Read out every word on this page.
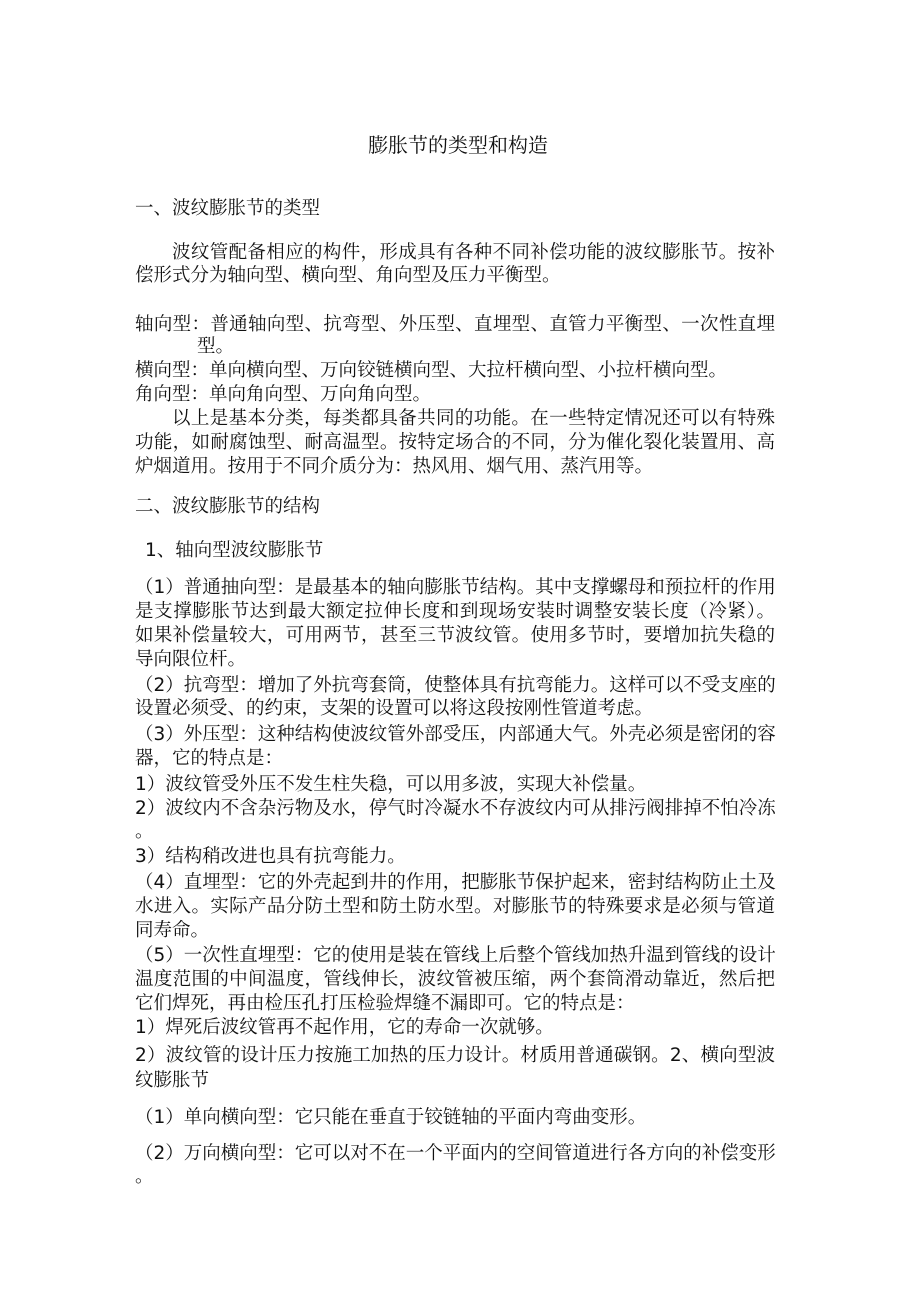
膨胀节的类型和构造
一、波纹膨胀节的类型
波纹管配备相应的构件，形成具有各种不同补偿功能的波纹膨胀节。按补
偿形式分为轴向型、横向型、角向型及压力平衡型。
轴向型：普通轴向型、抗弯型、外压型、直埋型、直管力平衡型、一次性直埋
型。
横向型：单向横向型、万向铰链横向型、大拉杆横向型、小拉杆横向型。
角向型：单向角向型、万向角向型。
以上是基本分类，每类都具备共同的功能。在一些特定情况还可以有特殊
功能，如耐腐蚀型、耐高温型。按特定场合的不同，分为催化裂化装置用、高
炉烟道用。按用于不同介质分为：热风用、烟气用、蒸汽用等。
二、波纹膨胀节的结构
1、轴向型波纹膨胀节
（1）普通抽向型：是最基本的轴向膨胀节结构。其中支撑螺母和预拉杆的作用
是支撑膨胀节达到最大额定拉伸长度和到现场安装时调整安装长度（冷紧）。
如果补偿量较大，可用两节，甚至三节波纹管。使用多节时，要增加抗失稳的
导向限位杆。
（2）抗弯型：增加了外抗弯套筒，使整体具有抗弯能力。这样可以不受支座的
设置必须受、的约束，支架的设置可以将这段按刚性管道考虑。
（3）外压型：这种结构使波纹管外部受压，内部通大气。外壳必须是密闭的容
器，它的特点是：
1）波纹管受外压不发生柱失稳，可以用多波，实现大补偿量。
2）波纹内不含杂污物及水，停气时冷凝水不存波纹内可从排污阀排掉不怕冷冻
。
3）结构稍改进也具有抗弯能力。
（4）直埋型：它的外壳起到井的作用，把膨胀节保护起来，密封结构防止土及
水进入。实际产品分防土型和防土防水型。对膨胀节的特殊要求是必须与管道
同寿命。
（5）一次性直埋型：它的使用是装在管线上后整个管线加热升温到管线的设计
温度范围的中间温度，管线伸长，波纹管被压缩，两个套筒滑动靠近，然后把
它们焊死，再由检压孔打压检验焊缝不漏即可。它的特点是：
1）焊死后波纹管再不起作用，它的寿命一次就够。
2）波纹管的设计压力按施工加热的压力设计。材质用普通碳钢。2、横向型波
纹膨胀节
（1）单向横向型：它只能在垂直于铰链轴的平面内弯曲变形。
（2）万向横向型：它可以对不在一个平面内的空间管道进行各方向的补偿变形
。
